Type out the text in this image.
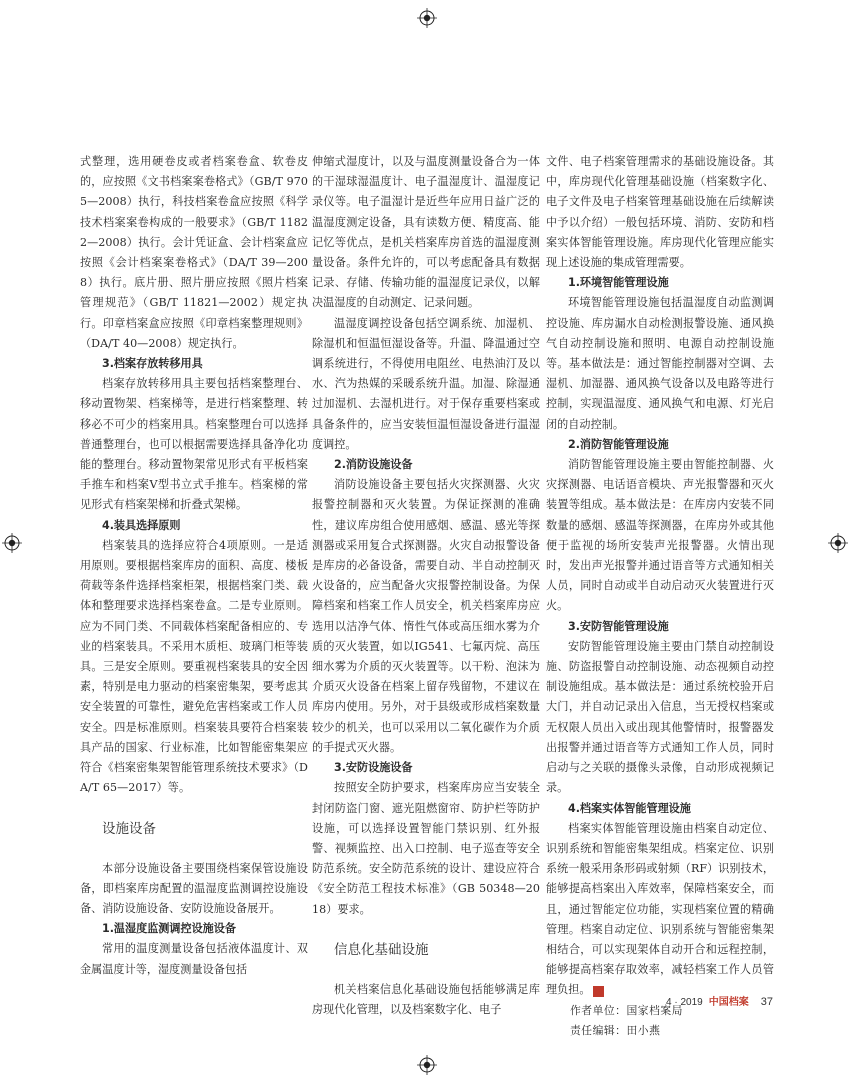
式整理，选用硬卷皮或者档案卷盒、软卷皮的，应按照《文书档案案卷格式》（GB/T 9705—2008）执行，科技档案卷盒应按照《科学技术档案案卷构成的一般要求》（GB/T 11822—2008）执行。会计凭证盒、会计档案盒应按照《会计档案案卷格式》（DA/T 39—2008）执行。底片册、照片册应按照《照片档案管理规范》（GB/T 11821—2002）规定执行。印章档案盒应按照《印章档案整理规则》（DA/T 40—2008）规定执行。

3.档案存放转移用具

档案存放转移用具主要包括档案整理台、移动置物架、档案梯等，是进行档案整理、转移必不可少的档案用具。档案整理台可以选择普通整理台，也可以根据需要选择具备净化功能的整理台。移动置物架常见形式有平板档案手推车和档案V型书立式手推车。档案梯的常见形式有档案架梯和折叠式架梯。

4.装具选择原则

档案装具的选择应符合4项原则。一是适用原则。要根据档案库房的面积、高度、楼板荷载等条件选择档案柜架，根据档案门类、载体和整理要求选择档案卷盒。二是专业原则。应为不同门类、不同载体档案配备相应的、专业的档案装具。不采用木质柜、玻璃门柜等装具。三是安全原则。要重视档案装具的安全因素，特别是电力驱动的档案密集架，要考虑其安全装置的可靠性，避免危害档案或工作人员安全。四是标准原则。档案装具要符合档案装具产品的国家、行业标准，比如智能密集架应符合《档案密集架智能管理系统技术要求》（DA/T 65—2017）等。

设施设备

本部分设施设备主要围绕档案保管设施设备，即档案库房配置的温湿度监测调控设施设备、消防设施设备、安防设施设备展开。

1.温湿度监测调控设施设备

常用的温度测量设备包括液体温度计、双金属温度计等，湿度测量设备包括

伸缩式湿度计，以及与温度测量设备合为一体的干湿球湿温度计、电子温湿度计、温湿度记录仪等。电子温湿计是近些年应用日益广泛的温湿度测定设备，具有读数方便、精度高、能记忆等优点，是机关档案库房首选的温湿度测量设备。条件允许的，可以考虑配备具有数据记录、存储、传输功能的温湿度记录仪，以解决温湿度的自动测定、记录问题。

温湿度调控设备包括空调系统、加湿机、除湿机和恒温恒湿设备等。升温、降温通过空调系统进行，不得使用电阻丝、电热油汀及以水、汽为热媒的采暖系统升温。加湿、除湿通过加湿机、去湿机进行。对于保存重要档案或具备条件的，应当安装恒温恒湿设备进行温湿度调控。

2.消防设施设备

消防设施设备主要包括火灾探测器、火灾报警控制器和灭火装置。为保证探测的准确性，建议库房组合使用感烟、感温、感光等探测器或采用复合式探测器。火灾自动报警设备是库房的必备设备，需要自动、半自动控制灭火设备的，应当配备火灾报警控制设备。为保障档案和档案工作人员安全，机关档案库房应选用以洁净气体、惰性气体或高压细水雾为介质的灭火装置，如以IG541、七氟丙烷、高压细水雾为介质的灭火装置等。以干粉、泡沫为介质灭火设备在档案上留存残留物，不建议在库房内使用。另外，对于县级或形成档案数量较少的机关，也可以采用以二氧化碳作为介质的手提式灭火器。

3.安防设施设备

按照安全防护要求，档案库房应当安装全封闭防盗门窗、遮光阻燃窗帘、防护栏等防护设施，可以选择设置智能门禁识别、红外报警、视频监控、出入口控制、电子巡查等安全防范系统。安全防范系统的设计、建设应符合《安全防范工程技术标准》（GB 50348—2018）要求。

信息化基础设施

机关档案信息化基础设施包括能够满足库房现代化管理，以及档案数字化、电子

文件、电子档案管理需求的基础设施设备。其中，库房现代化管理基础设施（档案数字化、电子文件及电子档案管理基础设施在后续解读中予以介绍）一般包括环境、消防、安防和档案实体智能管理设施。库房现代化管理应能实现上述设施的集成管理需要。

1.环境智能管理设施

环境智能管理设施包括温湿度自动监测调控设施、库房漏水自动检测报警设施、通风换气自动控制设施和照明、电源自动控制设施等。基本做法是：通过智能控制器对空调、去湿机、加湿器、通风换气设备以及电路等进行控制，实现温湿度、通风换气和电源、灯光启闭的自动控制。

2.消防智能管理设施

消防智能管理设施主要由智能控制器、火灾探测器、电话语音模块、声光报警器和灭火装置等组成。基本做法是：在库房内安装不同数量的感烟、感温等探测器，在库房外或其他便于监视的场所安装声光报警器。火情出现时，发出声光报警并通过语音等方式通知相关人员，同时自动或半自动启动灭火装置进行灭火。

3.安防智能管理设施

安防智能管理设施主要由门禁自动控制设施、防盗报警自动控制设施、动态视频自动控制设施组成。基本做法是：通过系统校验开启大门，并自动记录出入信息，当无授权档案或无权限人员出入或出现其他警情时，报警器发出报警并通过语音等方式通知工作人员，同时启动与之关联的摄像头录像，自动形成视频记录。

4.档案实体智能管理设施

档案实体智能管理设施由档案自动定位、识别系统和智能密集架组成。档案定位、识别系统一般采用条形码或射频（RF）识别技术，能够提高档案出入库效率，保障档案安全，而且，通过智能定位功能，实现档案位置的精确管理。档案自动定位、识别系统与智能密集架相结合，可以实现架体自动开合和远程控制，能够提高档案存取效率，减轻档案工作人员管理负担。	档

作者单位：国家档案局

责任编辑：田小燕

4 · 2019 中国档案 37
